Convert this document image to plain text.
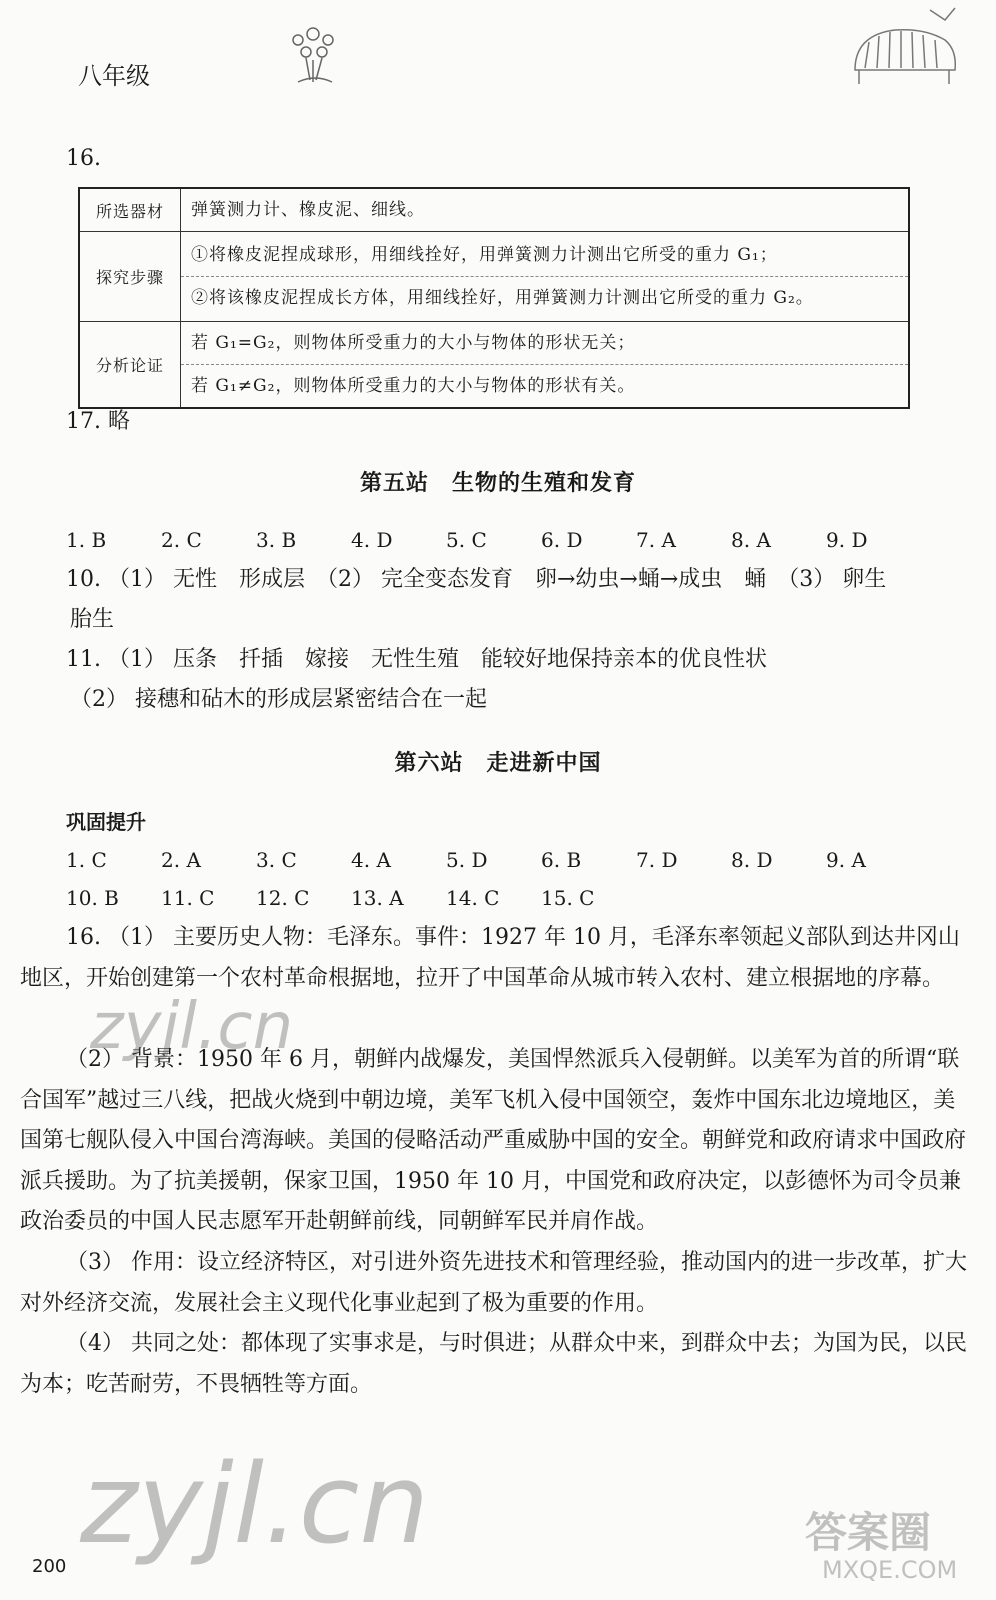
八年级
16.
所选器材	弹簧测力计、橡皮泥、细线。

探究步骤	①将橡皮泥捏成球形，用细线拴好，用弹簧测力计测出它所受的重力 G₁；
②将该橡皮泥捏成长方体，用细线拴好，用弹簧测力计测出它所受的重力 G₂。

分析论证	若 G₁=G₂，则物体所受重力的大小与物体的形状无关；
若 G₁≠G₂，则物体所受重力的大小与物体的形状有关。
17. 略
第五站　生物的生殖和发育
1. B	2. C	3. B	4. D	5. C	6. D	7. A	8. A	9. D
10. （1） 无性　形成层　（2） 完全变态发育　卵→幼虫→蛹→成虫　蛹　（3） 卵生
胎生
11. （1） 压条　扦插　嫁接　无性生殖　能较好地保持亲本的优良性状
（2） 接穗和砧木的形成层紧密结合在一起
第六站　走进新中国
巩固提升
1. C	2. A	3. C	4. A	5. D	6. B	7. D	8. D	9. A
10. B 11. C 12. C 13. A 14. C 15. C
16. （1） 主要历史人物：毛泽东。事件：1927 年 10 月，毛泽东率领起义部队到达井冈山地区，开始创建第一个农村革命根据地，拉开了中国革命从城市转入农村、建立根据地的序幕。
（2） 背景：1950 年 6 月，朝鲜内战爆发，美国悍然派兵入侵朝鲜。以美军为首的所谓“联合国军”越过三八线，把战火烧到中朝边境，美军飞机入侵中国领空，轰炸中国东北边境地区，美国第七舰队侵入中国台湾海峡。美国的侵略活动严重威胁中国的安全。朝鲜党和政府请求中国政府派兵援助。为了抗美援朝，保家卫国，1950 年 10 月，中国党和政府决定，以彭德怀为司令员兼政治委员的中国人民志愿军开赴朝鲜前线，同朝鲜军民并肩作战。
（3） 作用：设立经济特区，对引进外资先进技术和管理经验，推动国内的进一步改革，扩大对外经济交流，发展社会主义现代化事业起到了极为重要的作用。
（4） 共同之处：都体现了实事求是，与时俱进；从群众中来，到群众中去；为国为民，以民为本；吃苦耐劳，不畏牺牲等方面。
zyjl.cn
zyjl.cn	答案圈
MXQE.COM
200
